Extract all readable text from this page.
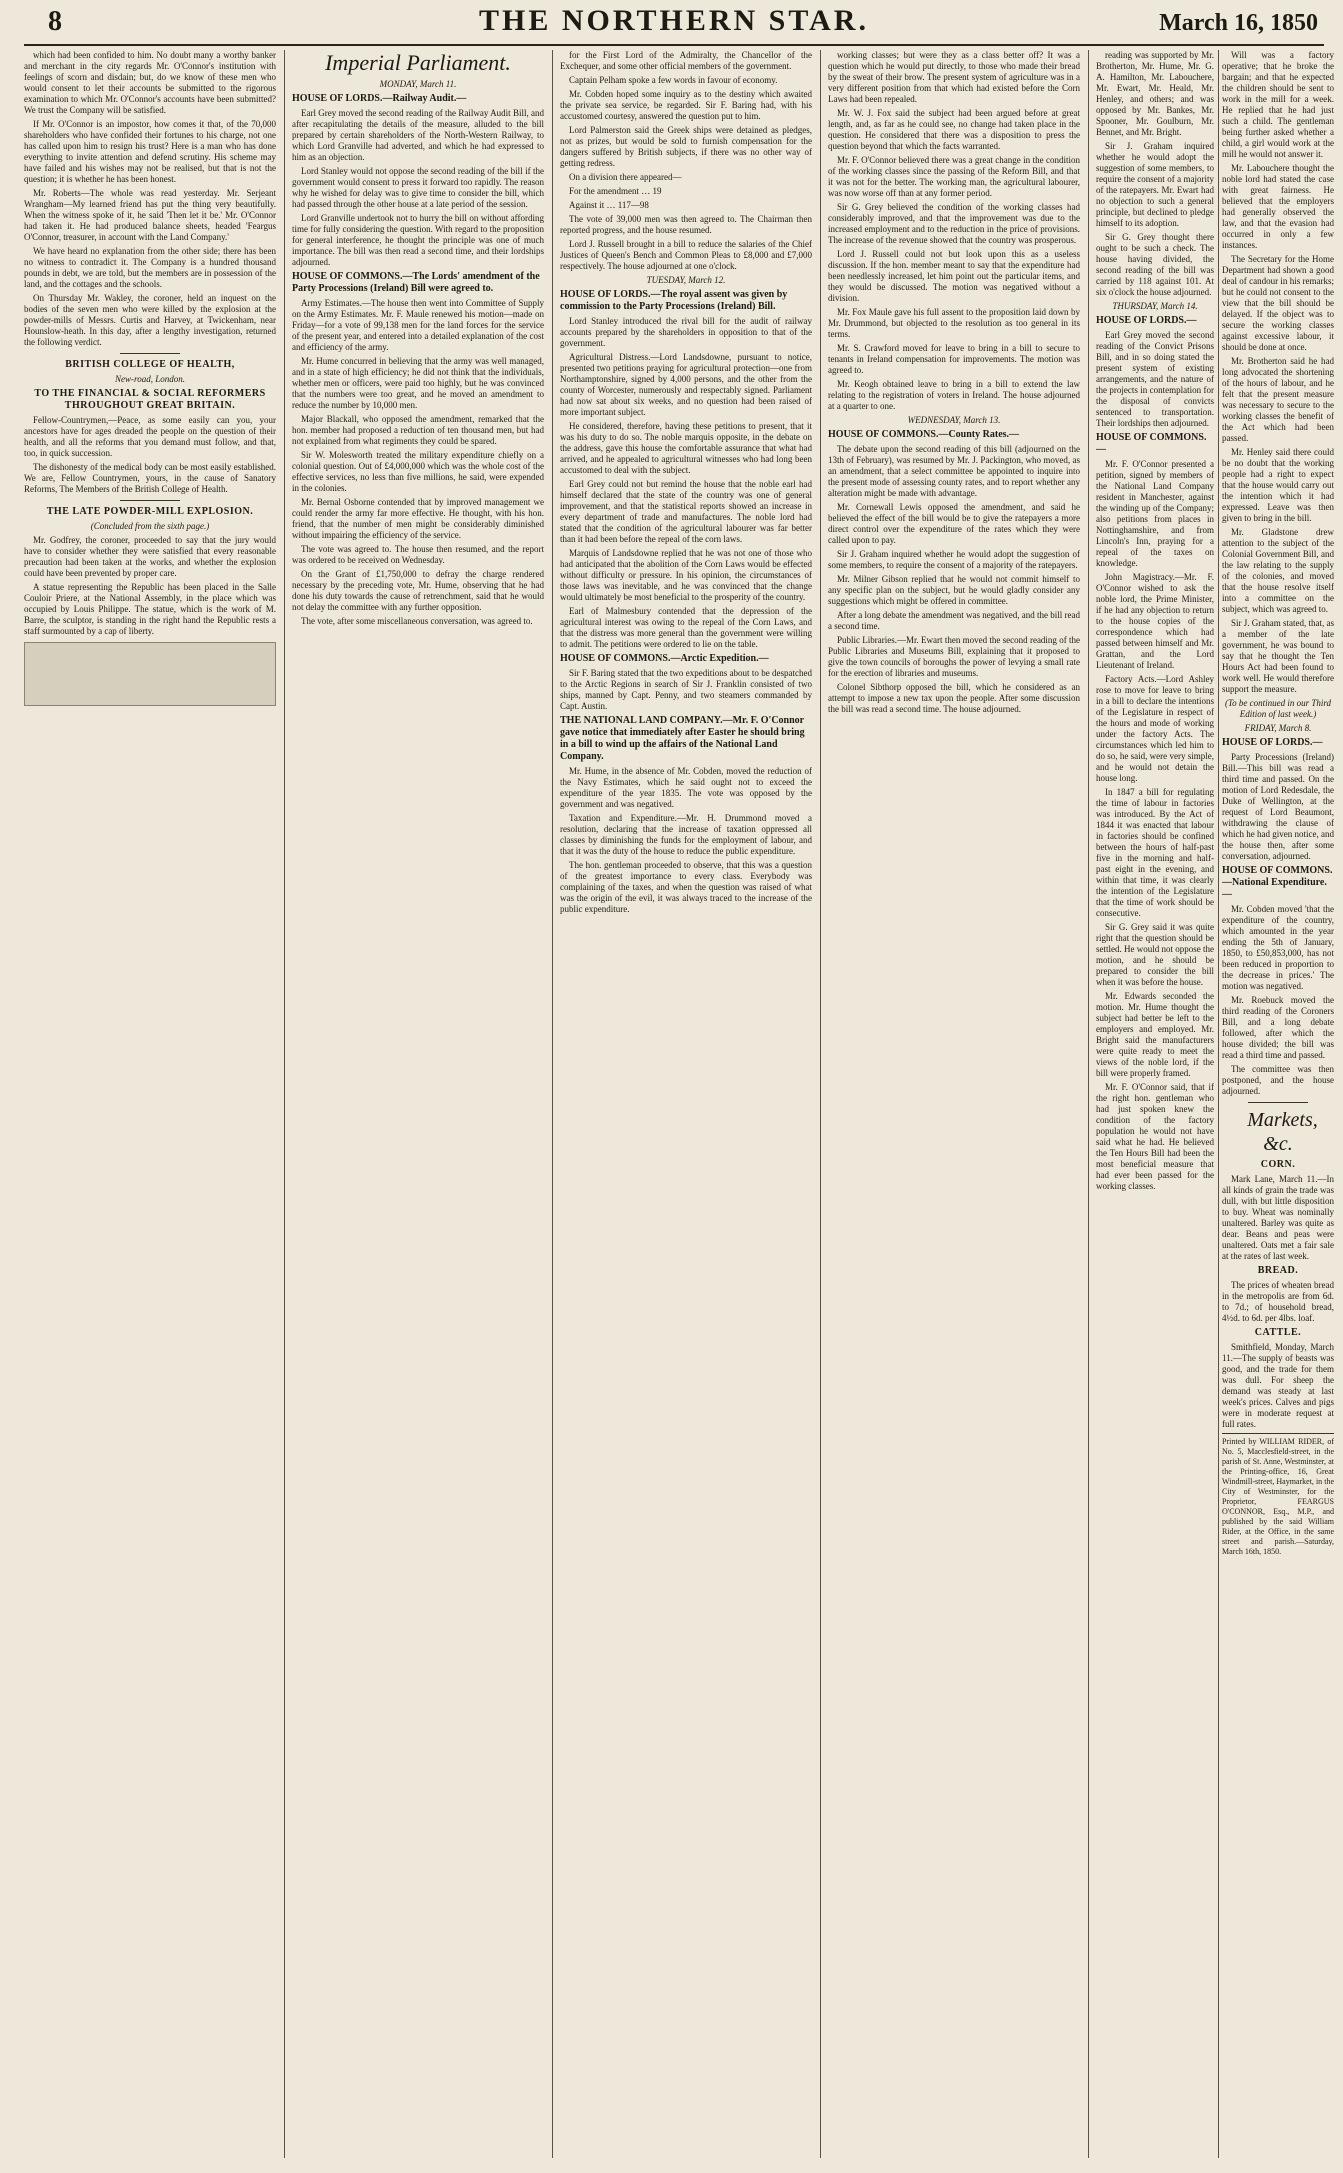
8	THE NORTHERN STAR.	March 16, 1850

which had been confided to him. No doubt many a worthy banker and merchant in the city regards Mr. O'Connor's institution with feelings of scorn and disdain; but, do we know of these men who would consent to let their accounts be submitted to the rigorous examination to which Mr. O'Connor's accounts have been submitted? We trust the Company will be satisfied.

If Mr. O'Connor is an impostor, how comes it that, of the 70,000 shareholders who have confided their fortunes to his charge, not one has called upon him to resign his trust? Here is a man who has done everything to invite attention and defend scrutiny. His scheme may have failed and his wishes may not be realised, but that is not the question; it is whether he has been honest.

Mr. Roberts—The whole was read yesterday. Mr. Serjeant Wrangham—My learned friend has put the thing very beautifully. When the witness spoke of it, he said 'Then let it be.' Mr. O'Connor had taken it. He had produced balance sheets, headed 'Feargus O'Connor, treasurer, in account with the Land Company.'

We have heard no explanation from the other side; there has been no witness to contradict it. The Company is a hundred thousand pounds in debt, we are told, but the members are in possession of the land, and the cottages and the schools.

On Thursday Mr. Wakley, the coroner, held an inquest on the bodies of the seven men who were killed by the explosion at the powder-mills of Messrs. Curtis and Harvey, at Twickenham, near Hounslow-heath. In this day, after a lengthy investigation, returned the following verdict.

BRITISH COLLEGE OF HEALTH,

New-road, London.

TO THE FINANCIAL & SOCIAL REFORMERS THROUGHOUT GREAT BRITAIN.

Fellow-Countrymen,—Peace, as some easily can you, your ancestors have for ages dreaded the people on the question of their health, and all the reforms that you demand must follow, and that, too, in quick succession.

The dishonesty of the medical body can be most easily established. We are, Fellow Countrymen, yours, in the cause of Sanatory Reforms, The Members of the British College of Health.

THE LATE POWDER-MILL EXPLOSION.

(Concluded from the sixth page.)

Mr. Godfrey, the coroner, proceeded to say that the jury would have to consider whether they were satisfied that every reasonable precaution had been taken at the works, and whether the explosion could have been prevented by proper care.

A statue representing the Republic has been placed in the Salle Couloir Priere, at the National Assembly, in the place which was occupied by Louis Philippe. The statue, which is the work of M. Barre, the sculptor, is standing in the right hand the Republic rests a staff surmounted by a cap of liberty.

Imperial Parliament.

MONDAY, March 11.

HOUSE OF LORDS.—Railway Audit.—

Earl Grey moved the second reading of the Railway Audit Bill, and after recapitulating the details of the measure, alluded to the bill prepared by certain shareholders of the North-Western Railway, to which Lord Granville had adverted, and which he had expressed to him as an objection.

Lord Stanley would not oppose the second reading of the bill if the government would consent to press it forward too rapidly. The reason why he wished for delay was to give time to consider the bill, which had passed through the other house at a late period of the session.

Lord Granville undertook not to hurry the bill on without affording time for fully considering the question. With regard to the proposition for general interference, he thought the principle was one of much importance. The bill was then read a second time, and their lordships adjourned.

HOUSE OF COMMONS.—The Lords' amendment of the Party Processions (Ireland) Bill were agreed to.

Army Estimates.—The house then went into Committee of Supply on the Army Estimates. Mr. F. Maule renewed his motion—made on Friday—for a vote of 99,138 men for the land forces for the service of the present year, and entered into a detailed explanation of the cost and efficiency of the army.

Mr. Hume concurred in believing that the army was well managed, and in a state of high efficiency; he did not think that the individuals, whether men or officers, were paid too highly, but he was convinced that the numbers were too great, and he moved an amendment to reduce the number by 10,000 men.

Major Blackall, who opposed the amendment, remarked that the hon. member had proposed a reduction of ten thousand men, but had not explained from what regiments they could be spared.

Sir W. Molesworth treated the military expenditure chiefly on a colonial question. Out of £4,000,000 which was the whole cost of the effective services, no less than five millions, he said, were expended in the colonies.

Mr. Bernal Osborne contended that by improved management we could render the army far more effective. He thought, with his hon. friend, that the number of men might be considerably diminished without impairing the efficiency of the service.

The vote was agreed to. The house then resumed, and the report was ordered to be received on Wednesday.

On the Grant of £1,750,000 to defray the charge rendered necessary by the preceding vote, Mr. Hume, observing that he had done his duty towards the cause of retrenchment, said that he would not delay the committee with any further opposition.

The vote, after some miscellaneous conversation, was agreed to.

for the First Lord of the Admiralty, the Chancellor of the Exchequer, and some other official members of the government.

Captain Pelham spoke a few words in favour of economy.

Mr. Cobden hoped some inquiry as to the destiny which awaited the private sea service, be regarded. Sir F. Baring had, with his accustomed courtesy, answered the question put to him.

Lord Palmerston said the Greek ships were detained as pledges, not as prizes, but would be sold to furnish compensation for the dangers suffered by British subjects, if there was no other way of getting redress.

On a division there appeared—

For the amendment … 19

Against it … 117—98

The vote of 39,000 men was then agreed to. The Chairman then reported progress, and the house resumed.

Lord J. Russell brought in a bill to reduce the salaries of the Chief Justices of Queen's Bench and Common Pleas to £8,000 and £7,000 respectively. The house adjourned at one o'clock.

TUESDAY, March 12.

HOUSE OF LORDS.—The royal assent was given by commission to the Party Processions (Ireland) Bill.

Lord Stanley introduced the rival bill for the audit of railway accounts prepared by the shareholders in opposition to that of the government.

Agricultural Distress.—Lord Landsdowne, pursuant to notice, presented two petitions praying for agricultural protection—one from Northamptonshire, signed by 4,000 persons, and the other from the county of Worcester, numerously and respectably signed. Parliament had now sat about six weeks, and no question had been raised of more important subject.

He considered, therefore, having these petitions to present, that it was his duty to do so. The noble marquis opposite, in the debate on the address, gave this house the comfortable assurance that what had arrived, and he appealed to agricultural witnesses who had long been accustomed to deal with the subject.

Earl Grey could not but remind the house that the noble earl had himself declared that the state of the country was one of general improvement, and that the statistical reports showed an increase in every department of trade and manufactures. The noble lord had stated that the condition of the agricultural labourer was far better than it had been before the repeal of the corn laws.

Marquis of Landsdowne replied that he was not one of those who had anticipated that the abolition of the Corn Laws would be effected without difficulty or pressure. In his opinion, the circumstances of those laws was inevitable, and he was convinced that the change would ultimately be most beneficial to the prosperity of the country.

Earl of Malmesbury contended that the depression of the agricultural interest was owing to the repeal of the Corn Laws, and that the distress was more general than the government were willing to admit. The petitions were ordered to lie on the table.

HOUSE OF COMMONS.—Arctic Expedition.—

Sir F. Baring stated that the two expeditions about to be despatched to the Arctic Regions in search of Sir J. Franklin consisted of two ships, manned by Capt. Penny, and two steamers commanded by Capt. Austin.

THE NATIONAL LAND COMPANY.—Mr. F. O'Connor gave notice that immediately after Easter he should bring in a bill to wind up the affairs of the National Land Company.

Mr. Hume, in the absence of Mr. Cobden, moved the reduction of the Navy Estimates, which he said ought not to exceed the expenditure of the year 1835. The vote was opposed by the government and was negatived.

Taxation and Expenditure.—Mr. H. Drummond moved a resolution, declaring that the increase of taxation oppressed all classes by diminishing the funds for the employment of labour, and that it was the duty of the house to reduce the public expenditure.

The hon. gentleman proceeded to observe, that this was a question of the greatest importance to every class. Everybody was complaining of the taxes, and when the question was raised of what was the origin of the evil, it was always traced to the increase of the public expenditure.

working classes; but were they as a class better off? It was a question which he would put directly, to those who made their bread by the sweat of their brow. The present system of agriculture was in a very different position from that which had existed before the Corn Laws had been repealed.

Mr. W. J. Fox said the subject had been argued before at great length, and, as far as he could see, no change had taken place in the question. He considered that there was a disposition to press the question beyond that which the facts warranted.

Mr. F. O'Connor believed there was a great change in the condition of the working classes since the passing of the Reform Bill, and that it was not for the better. The working man, the agricultural labourer, was now worse off than at any former period.

Sir G. Grey believed the condition of the working classes had considerably improved, and that the improvement was due to the increased employment and to the reduction in the price of provisions. The increase of the revenue showed that the country was prosperous.

Lord J. Russell could not but look upon this as a useless discussion. If the hon. member meant to say that the expenditure had been needlessly increased, let him point out the particular items, and they would be discussed. The motion was negatived without a division.

Mr. Fox Maule gave his full assent to the proposition laid down by Mr. Drummond, but objected to the resolution as too general in its terms.

Mr. S. Crawford moved for leave to bring in a bill to secure to tenants in Ireland compensation for improvements. The motion was agreed to.

Mr. Keogh obtained leave to bring in a bill to extend the law relating to the registration of voters in Ireland. The house adjourned at a quarter to one.

WEDNESDAY, March 13.

HOUSE OF COMMONS.—County Rates.—

The debate upon the second reading of this bill (adjourned on the 13th of February), was resumed by Mr. J. Packington, who moved, as an amendment, that a select committee be appointed to inquire into the present mode of assessing county rates, and to report whether any alteration might be made with advantage.

Mr. Cornewall Lewis opposed the amendment, and said he believed the effect of the bill would be to give the ratepayers a more direct control over the expenditure of the rates which they were called upon to pay.

Sir J. Graham inquired whether he would adopt the suggestion of some members, to require the consent of a majority of the ratepayers.

Mr. Milner Gibson replied that he would not commit himself to any specific plan on the subject, but he would gladly consider any suggestions which might be offered in committee.

After a long debate the amendment was negatived, and the bill read a second time.

Public Libraries.—Mr. Ewart then moved the second reading of the Public Libraries and Museums Bill, explaining that it proposed to give the town councils of boroughs the power of levying a small rate for the erection of libraries and museums.

Colonel Sibthorp opposed the bill, which he considered as an attempt to impose a new tax upon the people. After some discussion the bill was read a second time. The house adjourned.

reading was supported by Mr. Brotherton, Mr. Hume, Mr. G. A. Hamilton, Mr. Labouchere, Mr. Ewart, Mr. Heald, Mr. Henley, and others; and was opposed by Mr. Bankes, Mr. Spooner, Mr. Goulburn, Mr. Bennet, and Mr. Bright.

Sir J. Graham inquired whether he would adopt the suggestion of some members, to require the consent of a majority of the ratepayers. Mr. Ewart had no objection to such a general principle, but declined to pledge himself to its adoption.

Sir G. Grey thought there ought to be such a check. The house having divided, the second reading of the bill was carried by 118 against 101. At six o'clock the house adjourned.

THURSDAY, March 14.

HOUSE OF LORDS.—

Earl Grey moved the second reading of the Convict Prisons Bill, and in so doing stated the present system of existing arrangements, and the nature of the projects in contemplation for the disposal of convicts sentenced to transportation. Their lordships then adjourned.

HOUSE OF COMMONS.—

Mr. F. O'Connor presented a petition, signed by members of the National Land Company resident in Manchester, against the winding up of the Company; also petitions from places in Nottinghamshire, and from Lincoln's Inn, praying for a repeal of the taxes on knowledge.

John Magistracy.—Mr. F. O'Connor wished to ask the noble lord, the Prime Minister, if he had any objection to return to the house copies of the correspondence which had passed between himself and Mr. Grattan, and the Lord Lieutenant of Ireland.

Factory Acts.—Lord Ashley rose to move for leave to bring in a bill to declare the intentions of the Legislature in respect of the hours and mode of working under the factory Acts. The circumstances which led him to do so, he said, were very simple, and he would not detain the house long.

In 1847 a bill for regulating the time of labour in factories was introduced. By the Act of 1844 it was enacted that labour in factories should be confined between the hours of half-past five in the morning and half-past eight in the evening, and within that time, it was clearly the intention of the Legislature that the time of work should be consecutive.

Sir G. Grey said it was quite right that the question should be settled. He would not oppose the motion, and he should be prepared to consider the bill when it was before the house.

Mr. Edwards seconded the motion. Mr. Hume thought the subject had better be left to the employers and employed. Mr. Bright said the manufacturers were quite ready to meet the views of the noble lord, if the bill were properly framed.

Mr. F. O'Connor said, that if the right hon. gentleman who had just spoken knew the condition of the factory population he would not have said what he had. He believed the Ten Hours Bill had been the most beneficial measure that had ever been passed for the working classes.

Will was a factory operative; that he broke the bargain; and that he expected the children should be sent to work in the mill for a week. He replied that he had just such a child. The gentleman being further asked whether a child, a girl would work at the mill he would not answer it.

Mr. Labouchere thought the noble lord had stated the case with great fairness. He believed that the employers had generally observed the law, and that the evasion had occurred in only a few instances.

The Secretary for the Home Department had shown a good deal of candour in his remarks; but he could not consent to the view that the bill should be delayed. If the object was to secure the working classes against excessive labour, it should be done at once.

Mr. Brotherton said he had long advocated the shortening of the hours of labour, and he felt that the present measure was necessary to secure to the working classes the benefit of the Act which had been passed.

Mr. Henley said there could be no doubt that the working people had a right to expect that the house would carry out the intention which it had expressed. Leave was then given to bring in the bill.

Mr. Gladstone drew attention to the subject of the Colonial Government Bill, and the law relating to the supply of the colonies, and moved that the house resolve itself into a committee on the subject, which was agreed to.

Sir J. Graham stated, that, as a member of the late government, he was bound to say that he thought the Ten Hours Act had been found to work well. He would therefore support the measure.

(To be continued in our Third Edition of last week.)

FRIDAY, March 8.

HOUSE OF LORDS.—

Party Processions (Ireland) Bill.—This bill was read a third time and passed. On the motion of Lord Redesdale, the Duke of Wellington, at the request of Lord Beaumont, withdrawing the clause of which he had given notice, and the house then, after some conversation, adjourned.

HOUSE OF COMMONS.—National Expenditure.—

Mr. Cobden moved 'that the expenditure of the country, which amounted in the year ending the 5th of January, 1850, to £50,853,000, has not been reduced in proportion to the decrease in prices.' The motion was negatived.

Mr. Roebuck moved the third reading of the Coroners Bill, and a long debate followed, after which the house divided; the bill was read a third time and passed.

The committee was then postponed, and the house adjourned.

Markets, &c.

CORN.

Mark Lane, March 11.—In all kinds of grain the trade was dull, with but little disposition to buy. Wheat was nominally unaltered. Barley was quite as dear. Beans and peas were unaltered. Oats met a fair sale at the rates of last week.

BREAD.

The prices of wheaten bread in the metropolis are from 6d. to 7d.; of household bread, 4½d. to 6d. per 4lbs. loaf.

CATTLE.

Smithfield, Monday, March 11.—The supply of beasts was good, and the trade for them was dull. For sheep the demand was steady at last week's prices. Calves and pigs were in moderate request at full rates.

Printed by WILLIAM RIDER, of No. 5, Macclesfield-street, in the parish of St. Anne, Westminster, at the Printing-office, 16, Great Windmill-street, Haymarket, in the City of Westminster, for the Proprietor, FEARGUS O'CONNOR, Esq., M.P., and published by the said William Rider, at the Office, in the same street and parish.—Saturday, March 16th, 1850.
